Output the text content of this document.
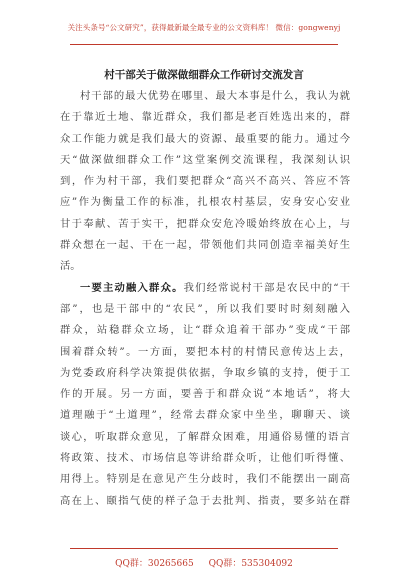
关注头条号“公文研究”，获得最新最全最专业的公文资料库！ 微信：gongwenyj
村干部关于做深做细群众工作研讨交流发言
村干部的最大优势在哪里、最大本事是什么，我认为就
在于靠近土地、靠近群众，我们都是老百姓选出来的，群
众工作能力就是我们最大的资源、最重要的能力。通过今
天“做深做细群众工作”这堂案例交流课程，我深刻认识
到，作为村干部，我们要把群众“高兴不高兴、答应不答
应”作为衡量工作的标准，扎根农村基层，安身安心安业
甘于奉献、苦于实干，把群众安危冷暖始终放在心上，与
群众想在一起、干在一起，带领他们共同创造幸福美好生
活。
一要主动融入群众。我们经常说村干部是农民中的“干
部”，也是干部中的“农民”，所以我们要时时刻刻融入
群众，站稳群众立场，让“群众追着干部办”变成“干部
围着群众转”。一方面，要把本村的村情民意传达上去，
为党委政府科学决策提供依据，争取乡镇的支持，便于工
作的开展。另一方面，要善于和群众说“本地话”，将大
道理融于“土道理”，经常去群众家中坐坐，聊聊天、谈
谈心，听取群众意见，了解群众困难，用通俗易懂的语言
将政策、技术、市场信息等讲给群众听，让他们听得懂、
用得上。特别是在意见产生分歧时，我们不能摆出一副高
高在上、颐指气使的样子急于去批判、指责，要多站在群
QQ群：30265665 QQ群：535304092
